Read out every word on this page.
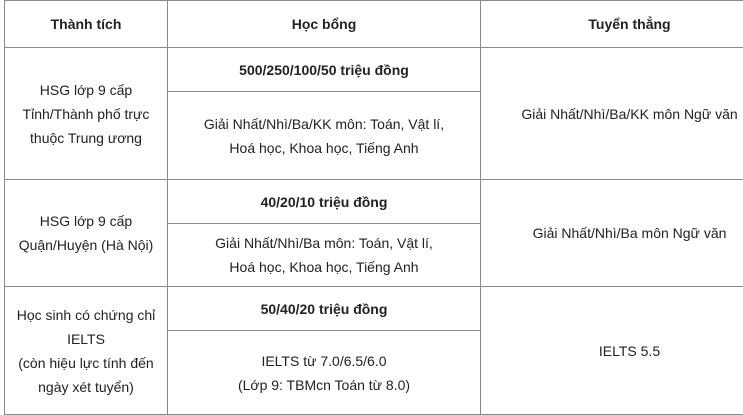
Thành tích	Học bổng	Tuyển thẳng

HSG lớp 9 cấp
Tỉnh/Thành phố trực
thuộc Trung ương	500/250/100/50 triệu đồng	Giải Nhất/Nhì/Ba/KK môn Ngữ văn

	Giải Nhất/Nhì/Ba/KK môn: Toán, Vật lí,
Hoá học, Khoa học, Tiếng Anh	

HSG lớp 9 cấp
Quận/Huyện (Hà Nội)	40/20/10 triệu đồng	Giải Nhất/Nhì/Ba môn Ngữ văn

	Giải Nhất/Nhì/Ba môn: Toán, Vật lí,
Hoá học, Khoa học, Tiếng Anh	

Học sinh có chứng chỉ
IELTS
(còn hiệu lực tính đến
ngày xét tuyển)	50/40/20 triệu đồng	IELTS 5.5

	IELTS từ 7.0/6.5/6.0
(Lớp 9: TBMcn Toán từ 8.0)	
